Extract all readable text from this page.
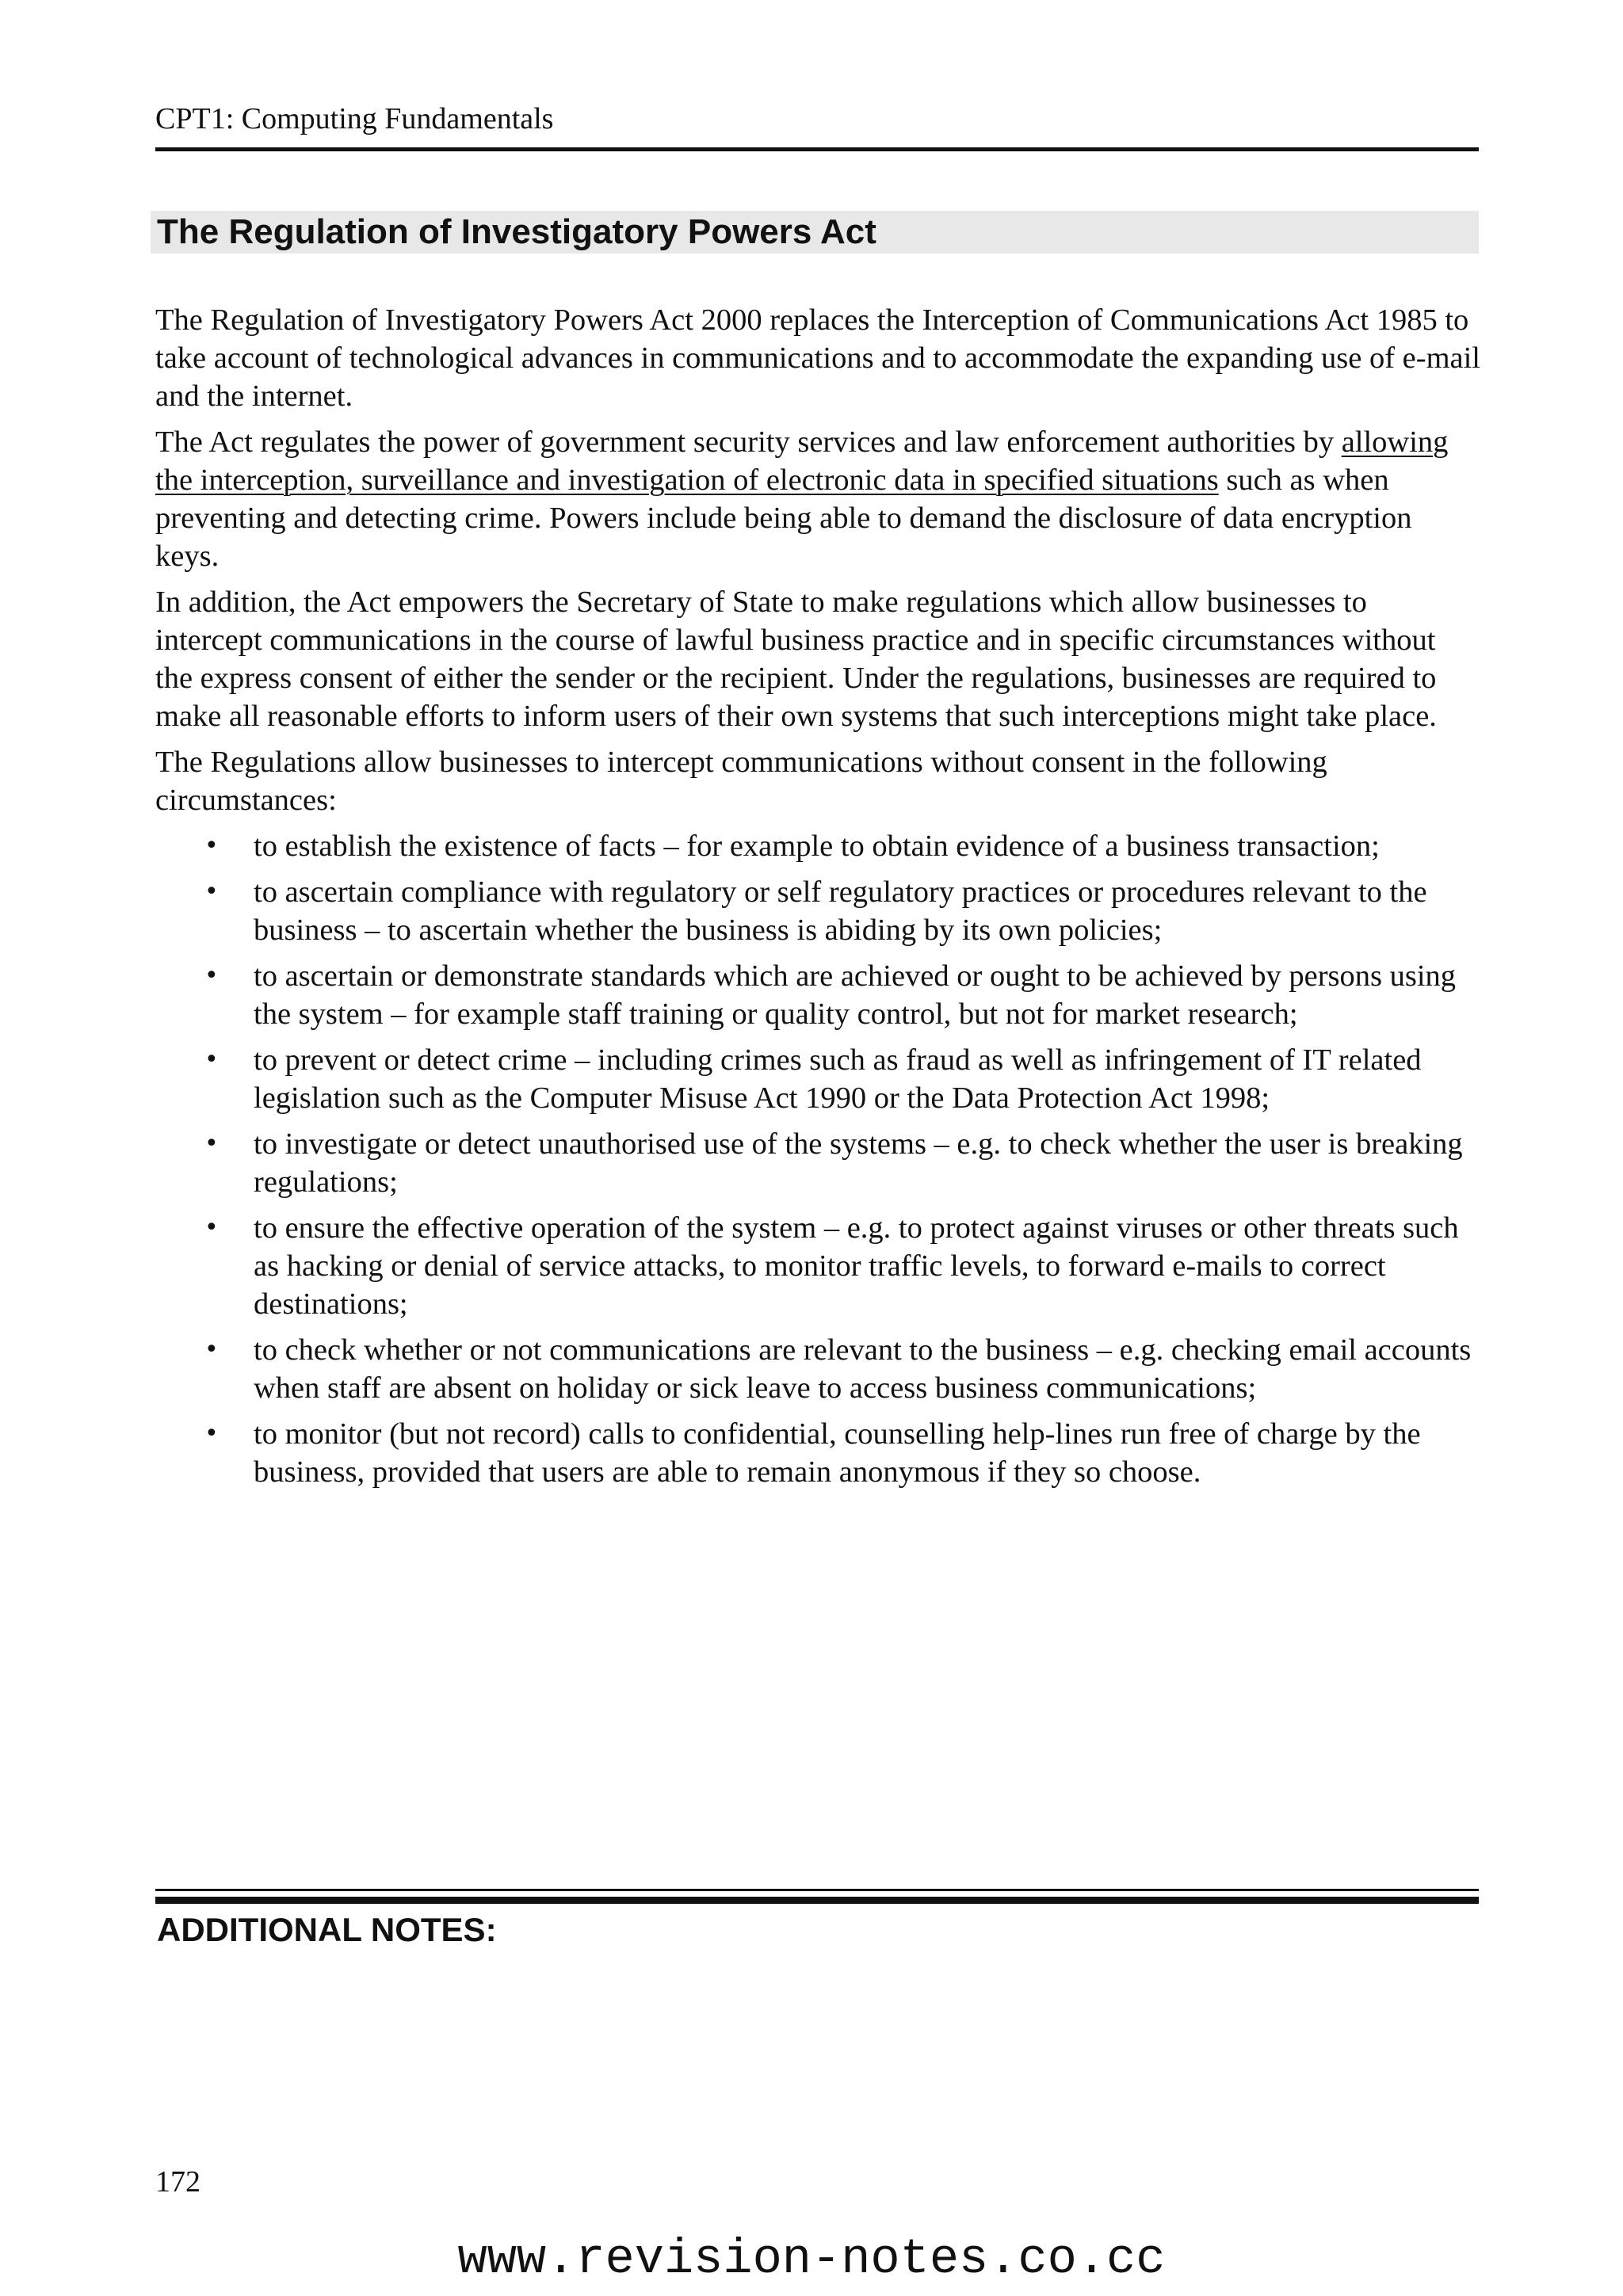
CPT1: Computing Fundamentals
The Regulation of Investigatory Powers Act

The Regulation of Investigatory Powers Act 2000 replaces the Interception of Communications Act 1985 to take account of technological advances in communications and to accommodate the expanding use of e-mail and the internet.

The Act regulates the power of government security services and law enforcement authorities by allowing the interception, surveillance and investigation of electronic data in specified situations such as when preventing and detecting crime. Powers include being able to demand the disclosure of data encryption keys.

In addition, the Act empowers the Secretary of State to make regulations which allow businesses to intercept communications in the course of lawful business practice and in specific circumstances without the express consent of either the sender or the recipient. Under the regulations, businesses are required to make all reasonable efforts to inform users of their own systems that such interceptions might take place.

The Regulations allow businesses to intercept communications without consent in the following circumstances:

• to establish the existence of facts – for example to obtain evidence of a business transaction;
• to ascertain compliance with regulatory or self regulatory practices or procedures relevant to the business – to ascertain whether the business is abiding by its own policies;
• to ascertain or demonstrate standards which are achieved or ought to be achieved by persons using the system – for example staff training or quality control, but not for market research;
• to prevent or detect crime – including crimes such as fraud as well as infringement of IT related legislation such as the Computer Misuse Act 1990 or the Data Protection Act 1998;
• to investigate or detect unauthorised use of the systems – e.g. to check whether the user is breaking regulations;
• to ensure the effective operation of the system – e.g. to protect against viruses or other threats such as hacking or denial of service attacks, to monitor traffic levels, to forward e-mails to correct destinations;
• to check whether or not communications are relevant to the business – e.g. checking email accounts when staff are absent on holiday or sick leave to access business communications;
• to monitor (but not record) calls to confidential, counselling help-lines run free of charge by the business, provided that users are able to remain anonymous if they so choose.
ADDITIONAL NOTES:
172
www.revision-notes.co.cc
